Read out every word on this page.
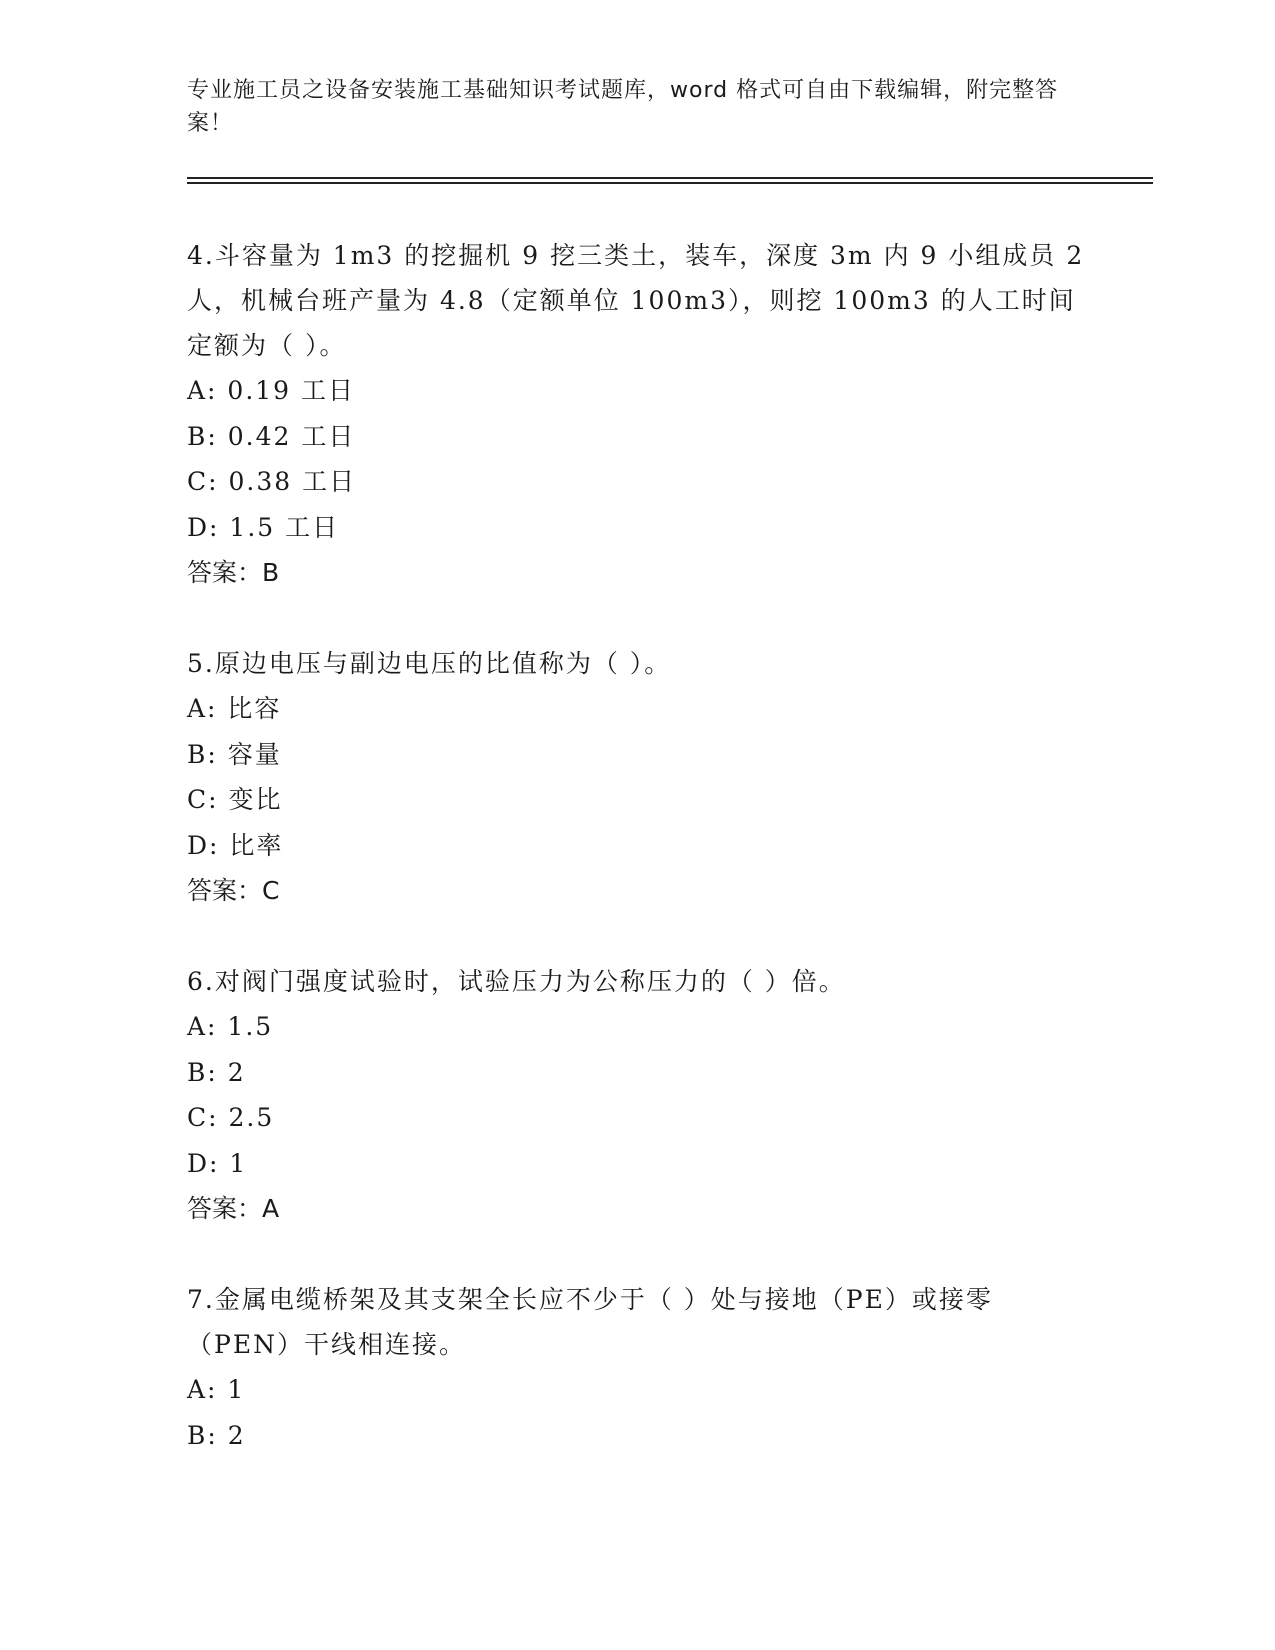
专业施工员之设备安装施工基础知识考试题库，word 格式可自由下载编辑，附完整答案！

4.斗容量为 1m3 的挖掘机 9 挖三类土，装车，深度 3m 内 9 小组成员 2 人，机械台班产量为 4.8（定额单位 100m3），则挖 100m3 的人工时间定额为（ ）。

A: 0.19 工日

B: 0.42 工日

C: 0.38 工日

D: 1.5 工日

答案：B

5.原边电压与副边电压的比值称为（ ）。

A: 比容

B: 容量

C: 变比

D: 比率

答案：C

6.对阀门强度试验时，试验压力为公称压力的（ ）倍。

A: 1.5

B: 2

C: 2.5

D: 1

答案：A

7.金属电缆桥架及其支架全长应不少于（ ）处与接地（PE）或接零（PEN）干线相连接。

A: 1

B: 2
